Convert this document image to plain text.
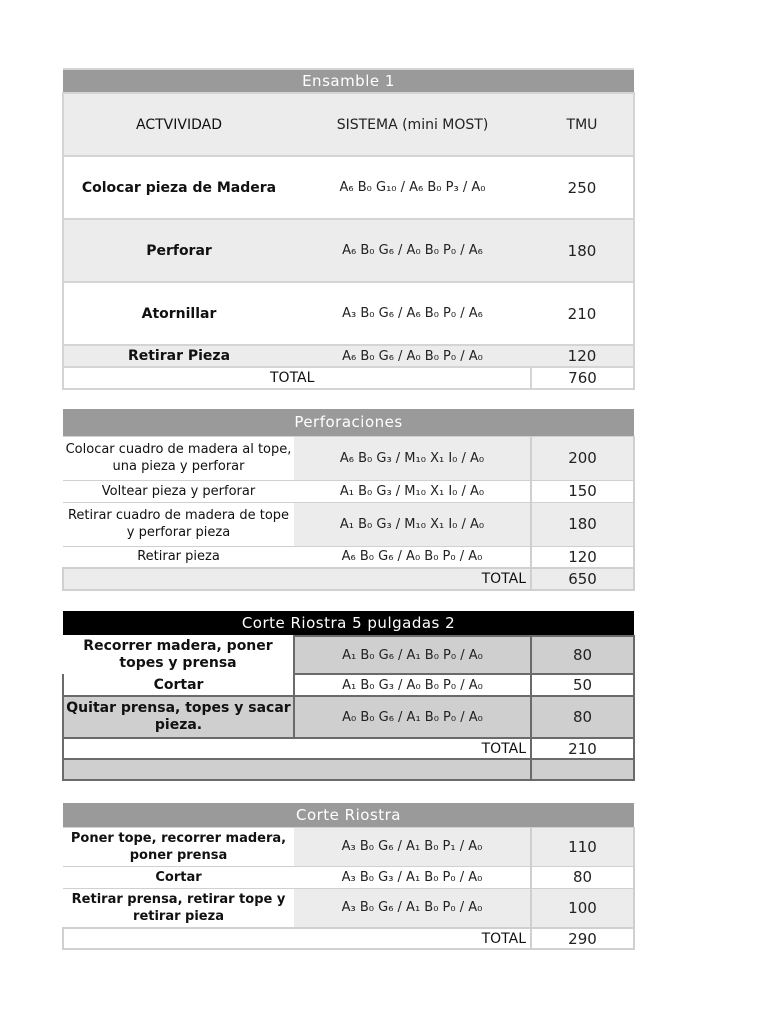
Ensamble 1		
ACTVIVIDAD	SISTEMA (mini MOST)	TMU
Colocar pieza de Madera	A₆ B₀ G₁₀ / A₆ B₀ P₃ / A₀	250
Perforar	A₆ B₀ G₆ / A₀ B₀ P₀ / A₆	180
Atornillar	A₃ B₀ G₆ / A₆ B₀ P₀ / A₆	210
Retirar Pieza	A₆ B₀ G₆ / A₀ B₀ P₀ / A₀	120
TOTAL		760
Perforaciones		
Colocar cuadro de madera al tope, una pieza y perforar	A₆ B₀ G₃ / M₁₀ X₁ I₀ / A₀	200
Voltear pieza y perforar	A₁ B₀ G₃ / M₁₀ X₁ I₀ / A₀	150
Retirar cuadro de madera de tope y perforar pieza	A₁ B₀ G₃ / M₁₀ X₁ I₀ / A₀	180
Retirar pieza	A₆ B₀ G₆ / A₀ B₀ P₀ / A₀	120
TOTAL		650
Corte Riostra 5 pulgadas 2		
Recorrer madera, poner topes y prensa	A₁ B₀ G₆ / A₁ B₀ P₀ / A₀	80
Cortar	A₁ B₀ G₃ / A₀ B₀ P₀ / A₀	50
Quitar prensa, topes y sacar pieza.	A₀ B₀ G₆ / A₁ B₀ P₀ / A₀	80
TOTAL		210

Corte Riostra		
Poner tope, recorrer madera, poner prensa	A₃ B₀ G₆ / A₁ B₀ P₁ / A₀	110
Cortar	A₃ B₀ G₃ / A₁ B₀ P₀ / A₀	80
Retirar prensa, retirar tope y retirar pieza	A₃ B₀ G₆ / A₁ B₀ P₀ / A₀	100
TOTAL		290
